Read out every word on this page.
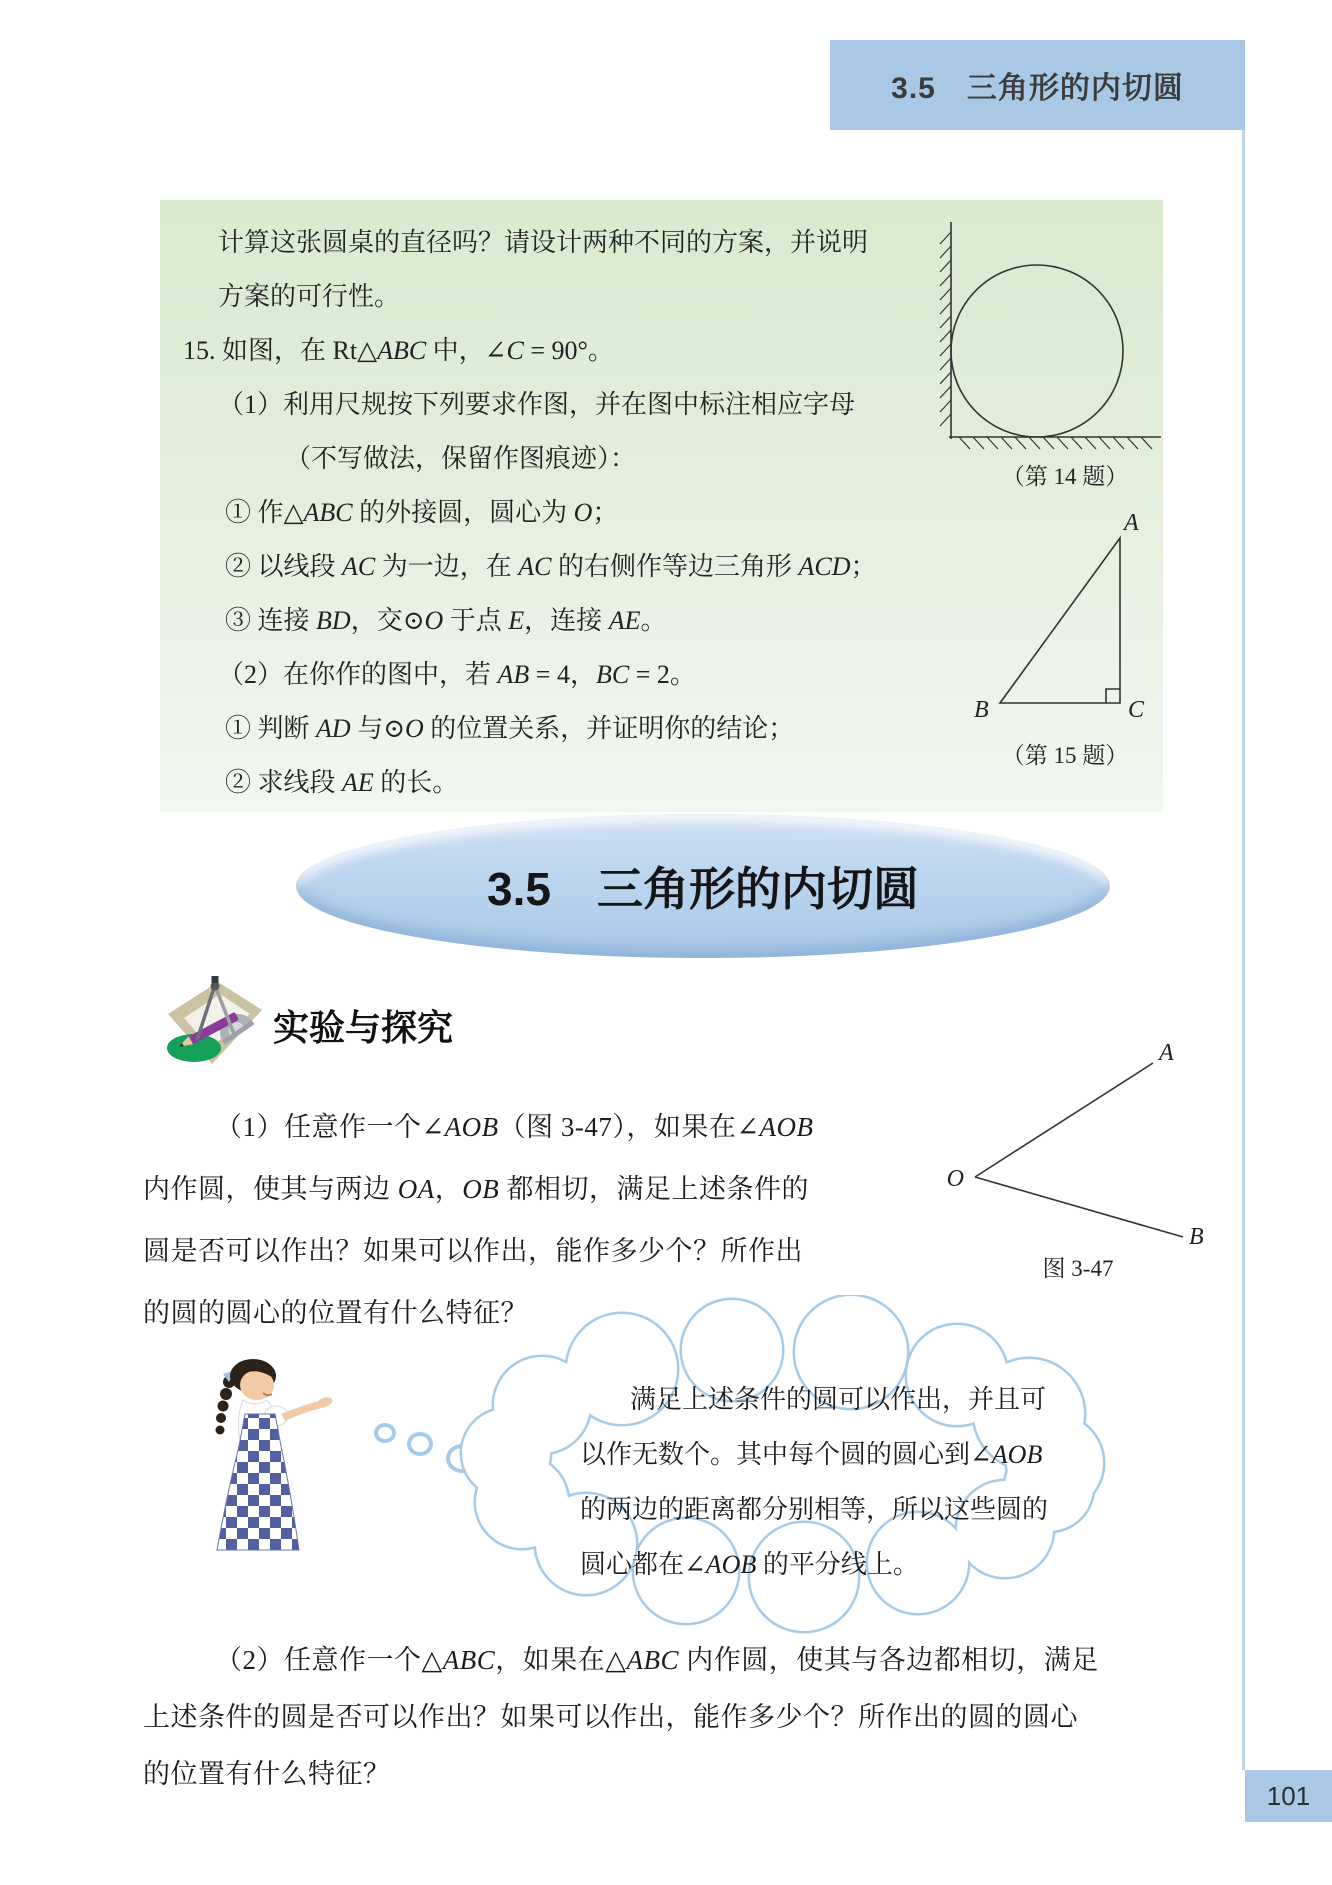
3.5　三角形的内切圆
101
计算这张圆桌的直径吗？请设计两种不同的方案，并说明
方案的可行性。
15. 如图，在 Rt△ABC 中，∠C = 90°。
（1）利用尺规按下列要求作图，并在图中标注相应字母
（不写做法，保留作图痕迹）：
① 作△ABC 的外接圆，圆心为 O；
② 以线段 AC 为一边，在 AC 的右侧作等边三角形 ACD；
③ 连接 BD，交⊙O 于点 E，连接 AE。
（2）在你作的图中，若 AB = 4，BC = 2。
① 判断 AD 与⊙O 的位置关系，并证明你的结论；
② 求线段 AE 的长。
（第 14 题）
A
B	C
（第 15 题）
3.5　三角形的内切圆
实验与探究
（1）任意作一个∠AOB（图 3-47），如果在∠AOB
内作圆，使其与两边 OA，OB 都相切，满足上述条件的
圆是否可以作出？如果可以作出，能作多少个？所作出
的圆的圆心的位置有什么特征？
O
A
B
图 3-47
满足上述条件的圆可以作出，并且可
以作无数个。其中每个圆的圆心到∠AOB
的两边的距离都分别相等，所以这些圆的
圆心都在∠AOB 的平分线上。
（2）任意作一个△ABC，如果在△ABC 内作圆，使其与各边都相切，满足
上述条件的圆是否可以作出？如果可以作出，能作多少个？所作出的圆的圆心
的位置有什么特征？
